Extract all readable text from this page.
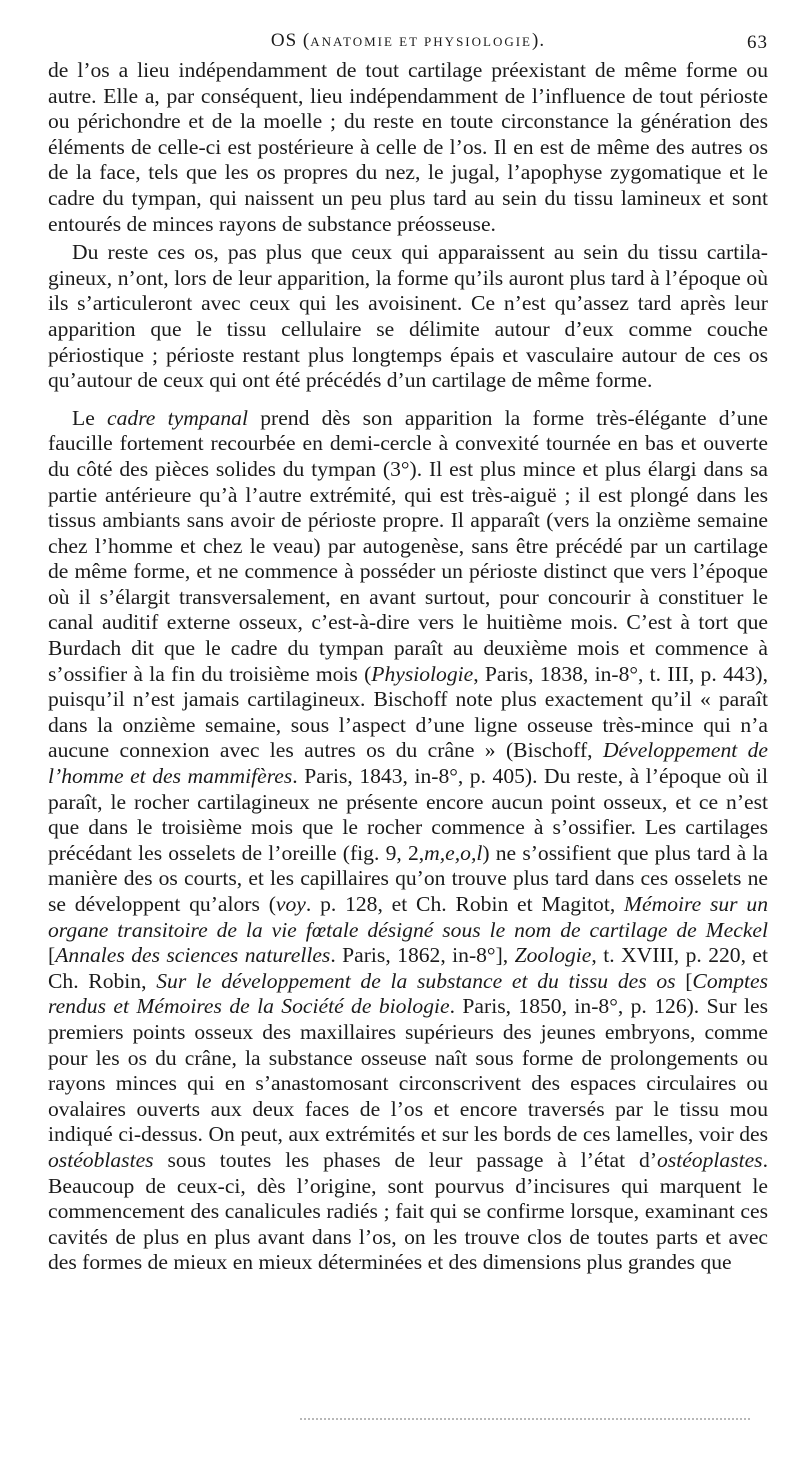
OS (ANATOMIE ET PHYSIOLOGIE).	63

de l’os a lieu indépendamment de tout cartilage préexistant de même forme ou autre. Elle a, par conséquent, lieu indépendamment de l’influence de tout périoste ou périchondre et de la moelle ; du reste en toute circonstance la génération des éléments de celle-ci est postérieure à celle de l’os. Il en est de même des autres os de la face, tels que les os propres du nez, le jugal, l’apophyse zygomatique et le cadre du tympan, qui naissent un peu plus tard au sein du tissu lamineux et sont entourés de minces rayons de substance préosseuse.

Du reste ces os, pas plus que ceux qui apparaissent au sein du tissu cartilagineux, n’ont, lors de leur apparition, la forme qu’ils auront plus tard à l’époque où ils s’articuleront avec ceux qui les avoisinent. Ce n’est qu’assez tard après leur apparition que le tissu cellulaire se délimite autour d’eux comme couche périostique ; périoste restant plus longtemps épais et vasculaire autour de ces os qu’autour de ceux qui ont été précédés d’un cartilage de même forme.

Le cadre tympanal prend dès son apparition la forme très-élégante d’une faucille fortement recourbée en demi-cercle à convexité tournée en bas et ouverte du côté des pièces solides du tympan (3°). Il est plus mince et plus élargi dans sa partie antérieure qu’à l’autre extrémité, qui est très-aiguë ; il est plongé dans les tissus ambiants sans avoir de périoste propre. Il apparaît (vers la onzième semaine chez l’homme et chez le veau) par autogenèse, sans être précédé par un cartilage de même forme, et ne commence à posséder un périoste distinct que vers l’époque où il s’élargit transversalement, en avant surtout, pour concourir à constituer le canal auditif externe osseux, c’est-à-dire vers le huitième mois. C’est à tort que Burdach dit que le cadre du tympan paraît au deuxième mois et commence à s’ossifier à la fin du troisième mois (Physiologie, Paris, 1838, in-8°, t. III, p. 443), puisqu’il n’est jamais cartilagineux. Bischoff note plus exactement qu’il « paraît dans la onzième semaine, sous l’aspect d’une ligne osseuse très-mince qui n’a aucune connexion avec les autres os du crâne » (Bischoff, Développement de l’homme et des mammifères. Paris, 1843, in-8°, p. 405). Du reste, à l’époque où il paraît, le rocher cartilagineux ne présente encore aucun point osseux, et ce n’est que dans le troisième mois que le rocher commence à s’ossifier. Les cartilages précédant les osselets de l’oreille (fig. 9, 2,m,e,o,l) ne s’ossifient que plus tard à la manière des os courts, et les capillaires qu’on trouve plus tard dans ces osselets ne se développent qu’alors (voy. p. 128, et Ch. Robin et Magitot, Mémoire sur un organe transitoire de la vie fœtale désigné sous le nom de cartilage de Meckel [Annales des sciences naturelles. Paris, 1862, in-8°], Zoologie, t. XVIII, p. 220, et Ch. Robin, Sur le développement de la substance et du tissu des os [Comptes rendus et Mémoires de la Société de biologie. Paris, 1850, in-8°, p. 126). Sur les premiers points osseux des maxillaires supérieurs des jeunes embryons, comme pour les os du crâne, la substance osseuse naît sous forme de prolongements ou rayons minces qui en s’anastomosant circonscrivent des espaces circulaires ou ovalaires ouverts aux deux faces de l’os et encore traversés par le tissu mou indiqué ci-dessus. On peut, aux extrémités et sur les bords de ces lamelles, voir des ostéoblastes sous toutes les phases de leur passage à l’état d’ostéoplastes. Beaucoup de ceux-ci, dès l’origine, sont pourvus d’incisures qui marquent le commencement des canalicules radiés ; fait qui se confirme lorsque, examinant ces cavités de plus en plus avant dans l’os, on les trouve clos de toutes parts et avec des formes de mieux en mieux déterminées et des dimensions plus grandes que
